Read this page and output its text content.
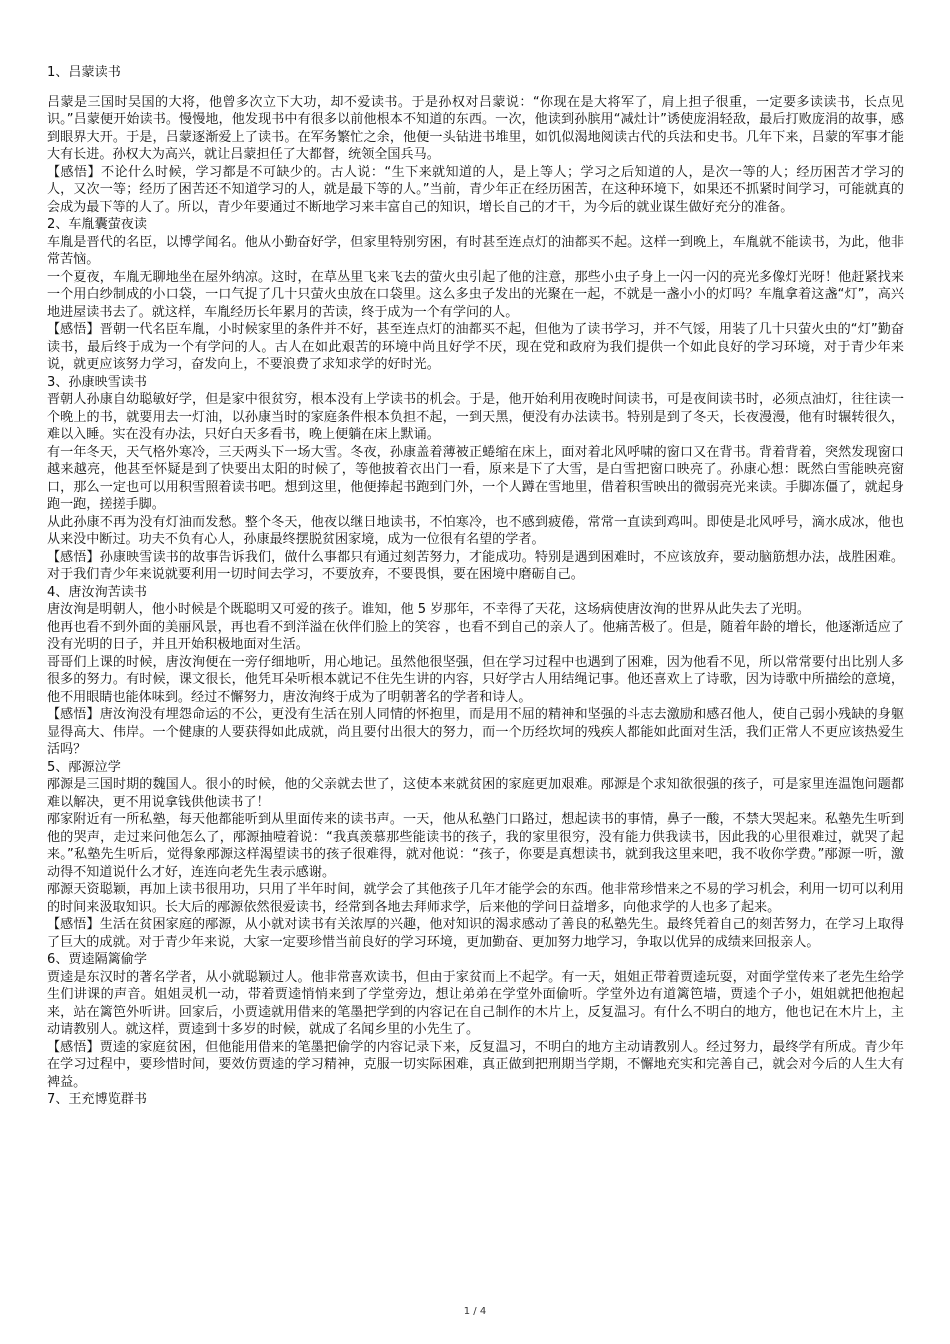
1、吕蒙读书

吕蒙是三国时吴国的大将，他曾多次立下大功，却不爱读书。于是孙权对吕蒙说：“你现在是大将军了，肩上担子很重，一定要多读读书，长点见识。”吕蒙便开始读书。慢慢地，他发现书中有很多以前他根本不知道的东西。一次，他读到孙膑用“减灶计”诱使庞涓轻敌，最后打败庞涓的故事，感到眼界大开。于是，吕蒙逐渐爱上了读书。在军务繁忙之余，他便一头钻进书堆里，如饥似渴地阅读古代的兵法和史书。几年下来，吕蒙的军事才能大有长进。孙权大为高兴，就让吕蒙担任了大都督，统领全国兵马。

【感悟】不论什么时候，学习都是不可缺少的。古人说：“生下来就知道的人，是上等人；学习之后知道的人，是次一等的人；经历困苦才学习的人，又次一等；经历了困苦还不知道学习的人，就是最下等的人。”当前，青少年正在经历困苦，在这种环境下，如果还不抓紧时间学习，可能就真的会成为最下等的人了。所以，青少年要通过不断地学习来丰富自己的知识，增长自己的才干，为今后的就业谋生做好充分的准备。

2、车胤囊萤夜读

车胤是晋代的名臣，以博学闻名。他从小勤奋好学，但家里特别穷困，有时甚至连点灯的油都买不起。这样一到晚上，车胤就不能读书，为此，他非常苦恼。

一个夏夜，车胤无聊地坐在屋外纳凉。这时，在草丛里飞来飞去的萤火虫引起了他的注意，那些小虫子身上一闪一闪的亮光多像灯光呀！他赶紧找来一个用白纱制成的小口袋，一口气捉了几十只萤火虫放在口袋里。这么多虫子发出的光聚在一起，不就是一盏小小的灯吗？车胤拿着这盏“灯”，高兴地进屋读书去了。就这样，车胤经历长年累月的苦读，终于成为一个有学问的人。

【感悟】晋朝一代名臣车胤，小时候家里的条件并不好，甚至连点灯的油都买不起，但他为了读书学习，并不气馁，用装了几十只萤火虫的“灯”勤奋读书，最后终于成为一个有学问的人。古人在如此艰苦的环境中尚且好学不厌，现在党和政府为我们提供一个如此良好的学习环境，对于青少年来说，就更应该努力学习，奋发向上，不要浪费了求知求学的好时光。

3、孙康映雪读书

晋朝人孙康自幼聪敏好学，但是家中很贫穷，根本没有上学读书的机会。于是，他开始利用夜晚时间读书，可是夜间读书时，必须点油灯，往往读一个晚上的书，就要用去一灯油，以孙康当时的家庭条件根本负担不起，一到天黑，便没有办法读书。特别是到了冬天，长夜漫漫，他有时辗转很久，难以入睡。实在没有办法，只好白天多看书，晚上便躺在床上默诵。

有一年冬天，天气格外寒冷，三天两头下一场大雪。冬夜，孙康盖着薄被正蜷缩在床上，面对着北风呼啸的窗口又在背书。背着背着，突然发现窗口越来越亮，他甚至怀疑是到了快要出太阳的时候了，等他披着衣出门一看，原来是下了大雪，是白雪把窗口映亮了。孙康心想：既然白雪能映亮窗口，那么一定也可以用积雪照着读书吧。想到这里，他便捧起书跑到门外，一个人蹲在雪地里，借着积雪映出的微弱亮光来读。手脚冻僵了，就起身跑一跑，搓搓手脚。

从此孙康不再为没有灯油而发愁。整个冬天，他夜以继日地读书，不怕寒冷，也不感到疲倦，常常一直读到鸡叫。即使是北风呼号，滴水成冰，他也从来没中断过。功夫不负有心人，孙康最终摆脱贫困家境，成为一位很有名望的学者。

【感悟】孙康映雪读书的故事告诉我们，做什么事都只有通过刻苦努力，才能成功。特别是遇到困难时，不应该放弃，要动脑筋想办法，战胜困难。对于我们青少年来说就要利用一切时间去学习，不要放弃，不要畏惧，要在困境中磨砺自己。

4、唐汝洵苦读书

唐汝洵是明朝人，他小时候是个既聪明又可爱的孩子。谁知，他 5 岁那年，不幸得了天花，这场病使唐汝洵的世界从此失去了光明。

他再也看不到外面的美丽风景，再也看不到洋溢在伙伴们脸上的笑容 ，也看不到自己的亲人了。他痛苦极了。但是，随着年龄的增长，他逐渐适应了没有光明的日子，并且开始积极地面对生活。

哥哥们上课的时候，唐汝洵便在一旁仔细地听，用心地记。虽然他很坚强，但在学习过程中也遇到了困难，因为他看不见，所以常常要付出比别人多很多的努力。有时候，课文很长，他凭耳朵听根本就记不住先生讲的内容，只好学古人用结绳记事。他还喜欢上了诗歌，因为诗歌中所描绘的意境，他不用眼睛也能体味到。经过不懈努力，唐汝洵终于成为了明朝著名的学者和诗人。

【感悟】唐汝洵没有埋怨命运的不公，更没有生活在别人同情的怀抱里，而是用不屈的精神和坚强的斗志去激励和感召他人，使自己弱小残缺的身躯显得高大、伟岸。一个健康的人要获得如此成就，尚且要付出很大的努力，而一个历经坎坷的残疾人都能如此面对生活，我们正常人不更应该热爱生活吗？

5、邴源泣学

邴源是三国时期的魏国人。很小的时候，他的父亲就去世了，这使本来就贫困的家庭更加艰难。邴源是个求知欲很强的孩子，可是家里连温饱问题都难以解决，更不用说拿钱供他读书了！

邴家附近有一所私塾，每天他都能听到从里面传来的读书声。一天，他从私塾门口路过，想起读书的事情，鼻子一酸，不禁大哭起来。私塾先生听到他的哭声，走过来问他怎么了，邴源抽噎着说：“我真羡慕那些能读书的孩子，我的家里很穷，没有能力供我读书，因此我的心里很难过，就哭了起来。”私塾先生听后，觉得象邴源这样渴望读书的孩子很难得，就对他说：“孩子，你要是真想读书，就到我这里来吧，我不收你学费。”邴源一听，激动得不知道说什么才好，连连向老先生表示感谢。

邴源天资聪颖，再加上读书很用功，只用了半年时间，就学会了其他孩子几年才能学会的东西。他非常珍惜来之不易的学习机会，利用一切可以利用的时间来汲取知识。长大后的邴源依然很爱读书，经常到各地去拜师求学，后来他的学问日益增多，向他求学的人也多了起来。

【感悟】生活在贫困家庭的邴源，从小就对读书有关浓厚的兴趣，他对知识的渴求感动了善良的私塾先生。最终凭着自己的刻苦努力，在学习上取得了巨大的成就。对于青少年来说，大家一定要珍惜当前良好的学习环境，更加勤奋、更加努力地学习，争取以优异的成绩来回报亲人。

6、贾逵隔篱偷学

贾逵是东汉时的著名学者，从小就聪颖过人。他非常喜欢读书，但由于家贫而上不起学。有一天，姐姐正带着贾逵玩耍，对面学堂传来了老先生给学生们讲课的声音。姐姐灵机一动，带着贾逵悄悄来到了学堂旁边，想让弟弟在学堂外面偷听。学堂外边有道篱笆墙，贾逵个子小，姐姐就把他抱起来，站在篱笆外听讲。回家后，小贾逵就用借来的笔墨把学到的内容记在自己制作的木片上，反复温习。有什么不明白的地方，他也记在木片上，主动请教别人。就这样，贾逵到十多岁的时候，就成了名闻乡里的小先生了。

【感悟】贾逵的家庭贫困，但他能用借来的笔墨把偷学的内容记录下来，反复温习，不明白的地方主动请教别人。经过努力，最终学有所成。青少年在学习过程中，要珍惜时间，要效仿贾逵的学习精神，克服一切实际困难，真正做到把刑期当学期，不懈地充实和完善自己，就会对今后的人生大有裨益。

7、王充博览群书

1 / 4
